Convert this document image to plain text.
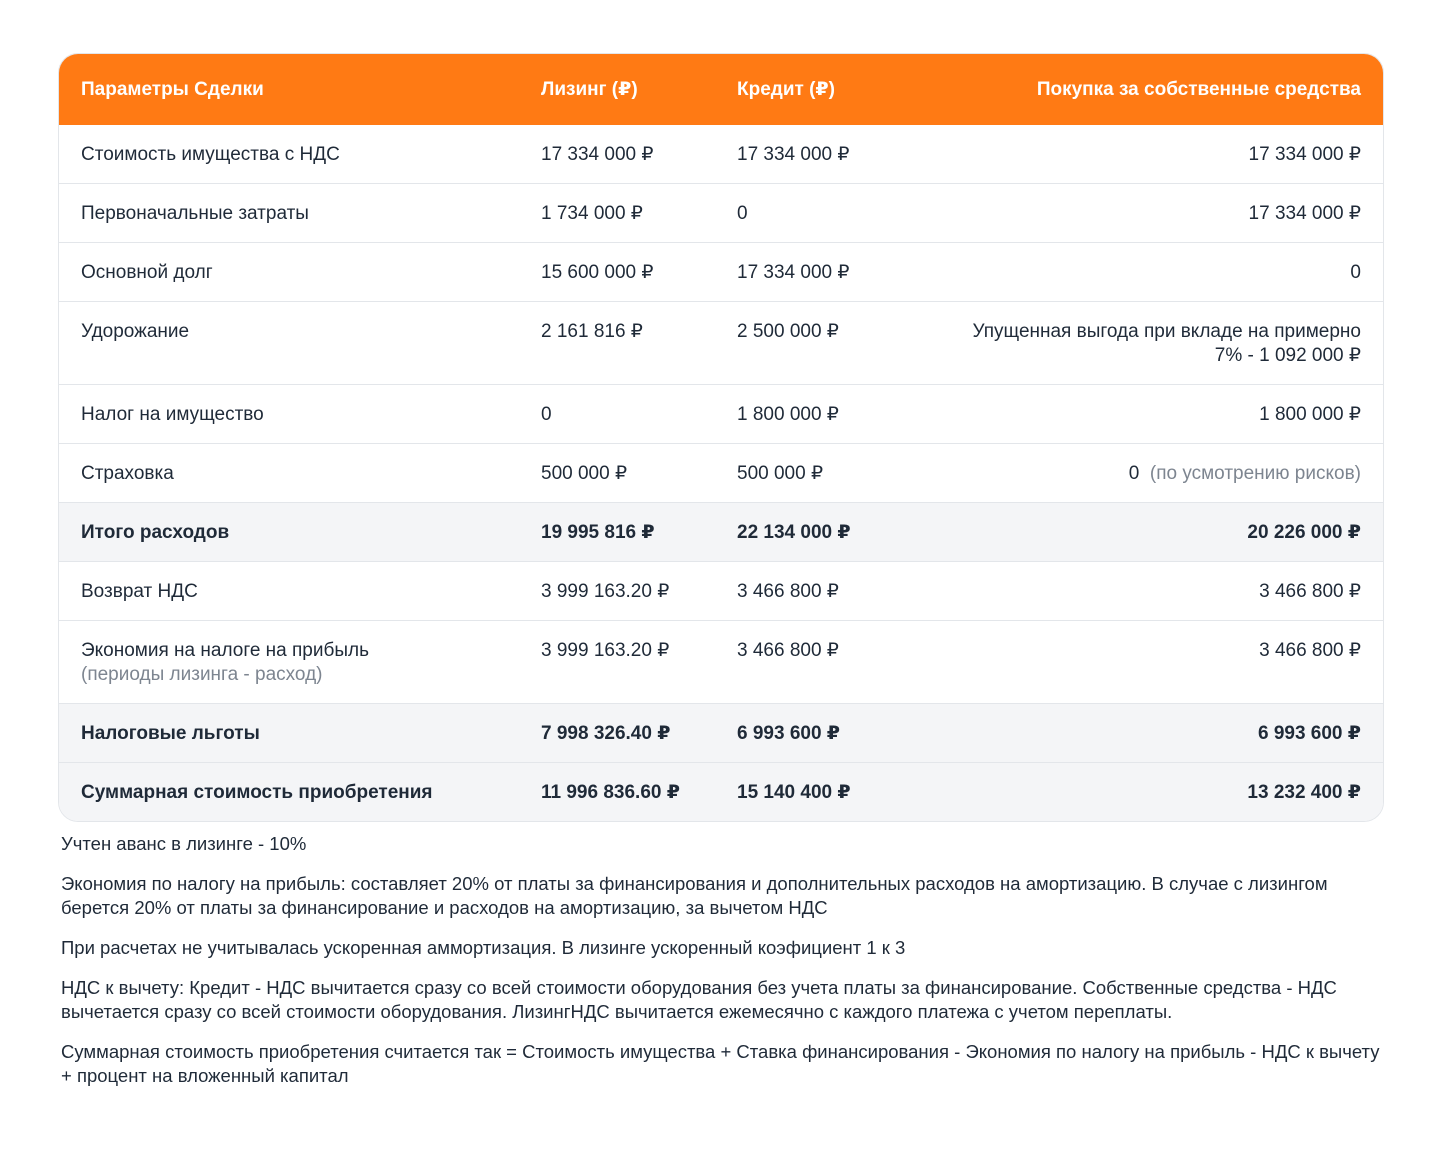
Параметры Сделки	Лизинг (₽)	Кредит (₽)	Покупка за собственные средства
Стоимость имущества с НДС	17 334 000 ₽	17 334 000 ₽	17 334 000 ₽
Первоначальные затраты	1 734 000 ₽	0	17 334 000 ₽
Основной долг	15 600 000 ₽	17 334 000 ₽	0
Удорожание	2 161 816 ₽	2 500 000 ₽	Упущенная выгода при вкладе на примерно
7% - 1 092 000 ₽
Налог на имущество	0	1 800 000 ₽	1 800 000 ₽
Страховка	500 000 ₽	500 000 ₽	0 (по усмотрению рисков)
Итого расходов	19 995 816 ₽	22 134 000 ₽	20 226 000 ₽
Возврат НДС	3 999 163.20 ₽	3 466 800 ₽	3 466 800 ₽
Экономия на налоге на прибыль
(периоды лизинга - расход)
3 999 163.20 ₽	3 466 800 ₽	3 466 800 ₽
Налоговые льготы	7 998 326.40 ₽	6 993 600 ₽	6 993 600 ₽
Суммарная стоимость приобретения	11 996 836.60 ₽	15 140 400 ₽	13 232 400 ₽

Учтен аванс в лизинге - 10%

Экономия по налогу на прибыль: составляет 20% от платы за финансирования и дополнительных расходов на амортизацию. В случае с лизингом берется 20% от платы за финансирование и расходов на амортизацию, за вычетом НДС

При расчетах не учитывалась ускоренная аммортизация. В лизинге ускоренный коэфициент 1 к 3

НДС к вычету: Кредит - НДС вычитается сразу со всей стоимости оборудования без учета платы за финансирование. Собственные средства - НДС вычетается сразу со всей стоимости оборудования. ЛизингНДС вычитается ежемесячно с каждого платежа с учетом переплаты.

Суммарная стоимость приобретения считается так = Стоимость имущества + Ставка финансирования - Экономия по налогу на прибыль - НДС к вычету + процент на вложенный капитал
